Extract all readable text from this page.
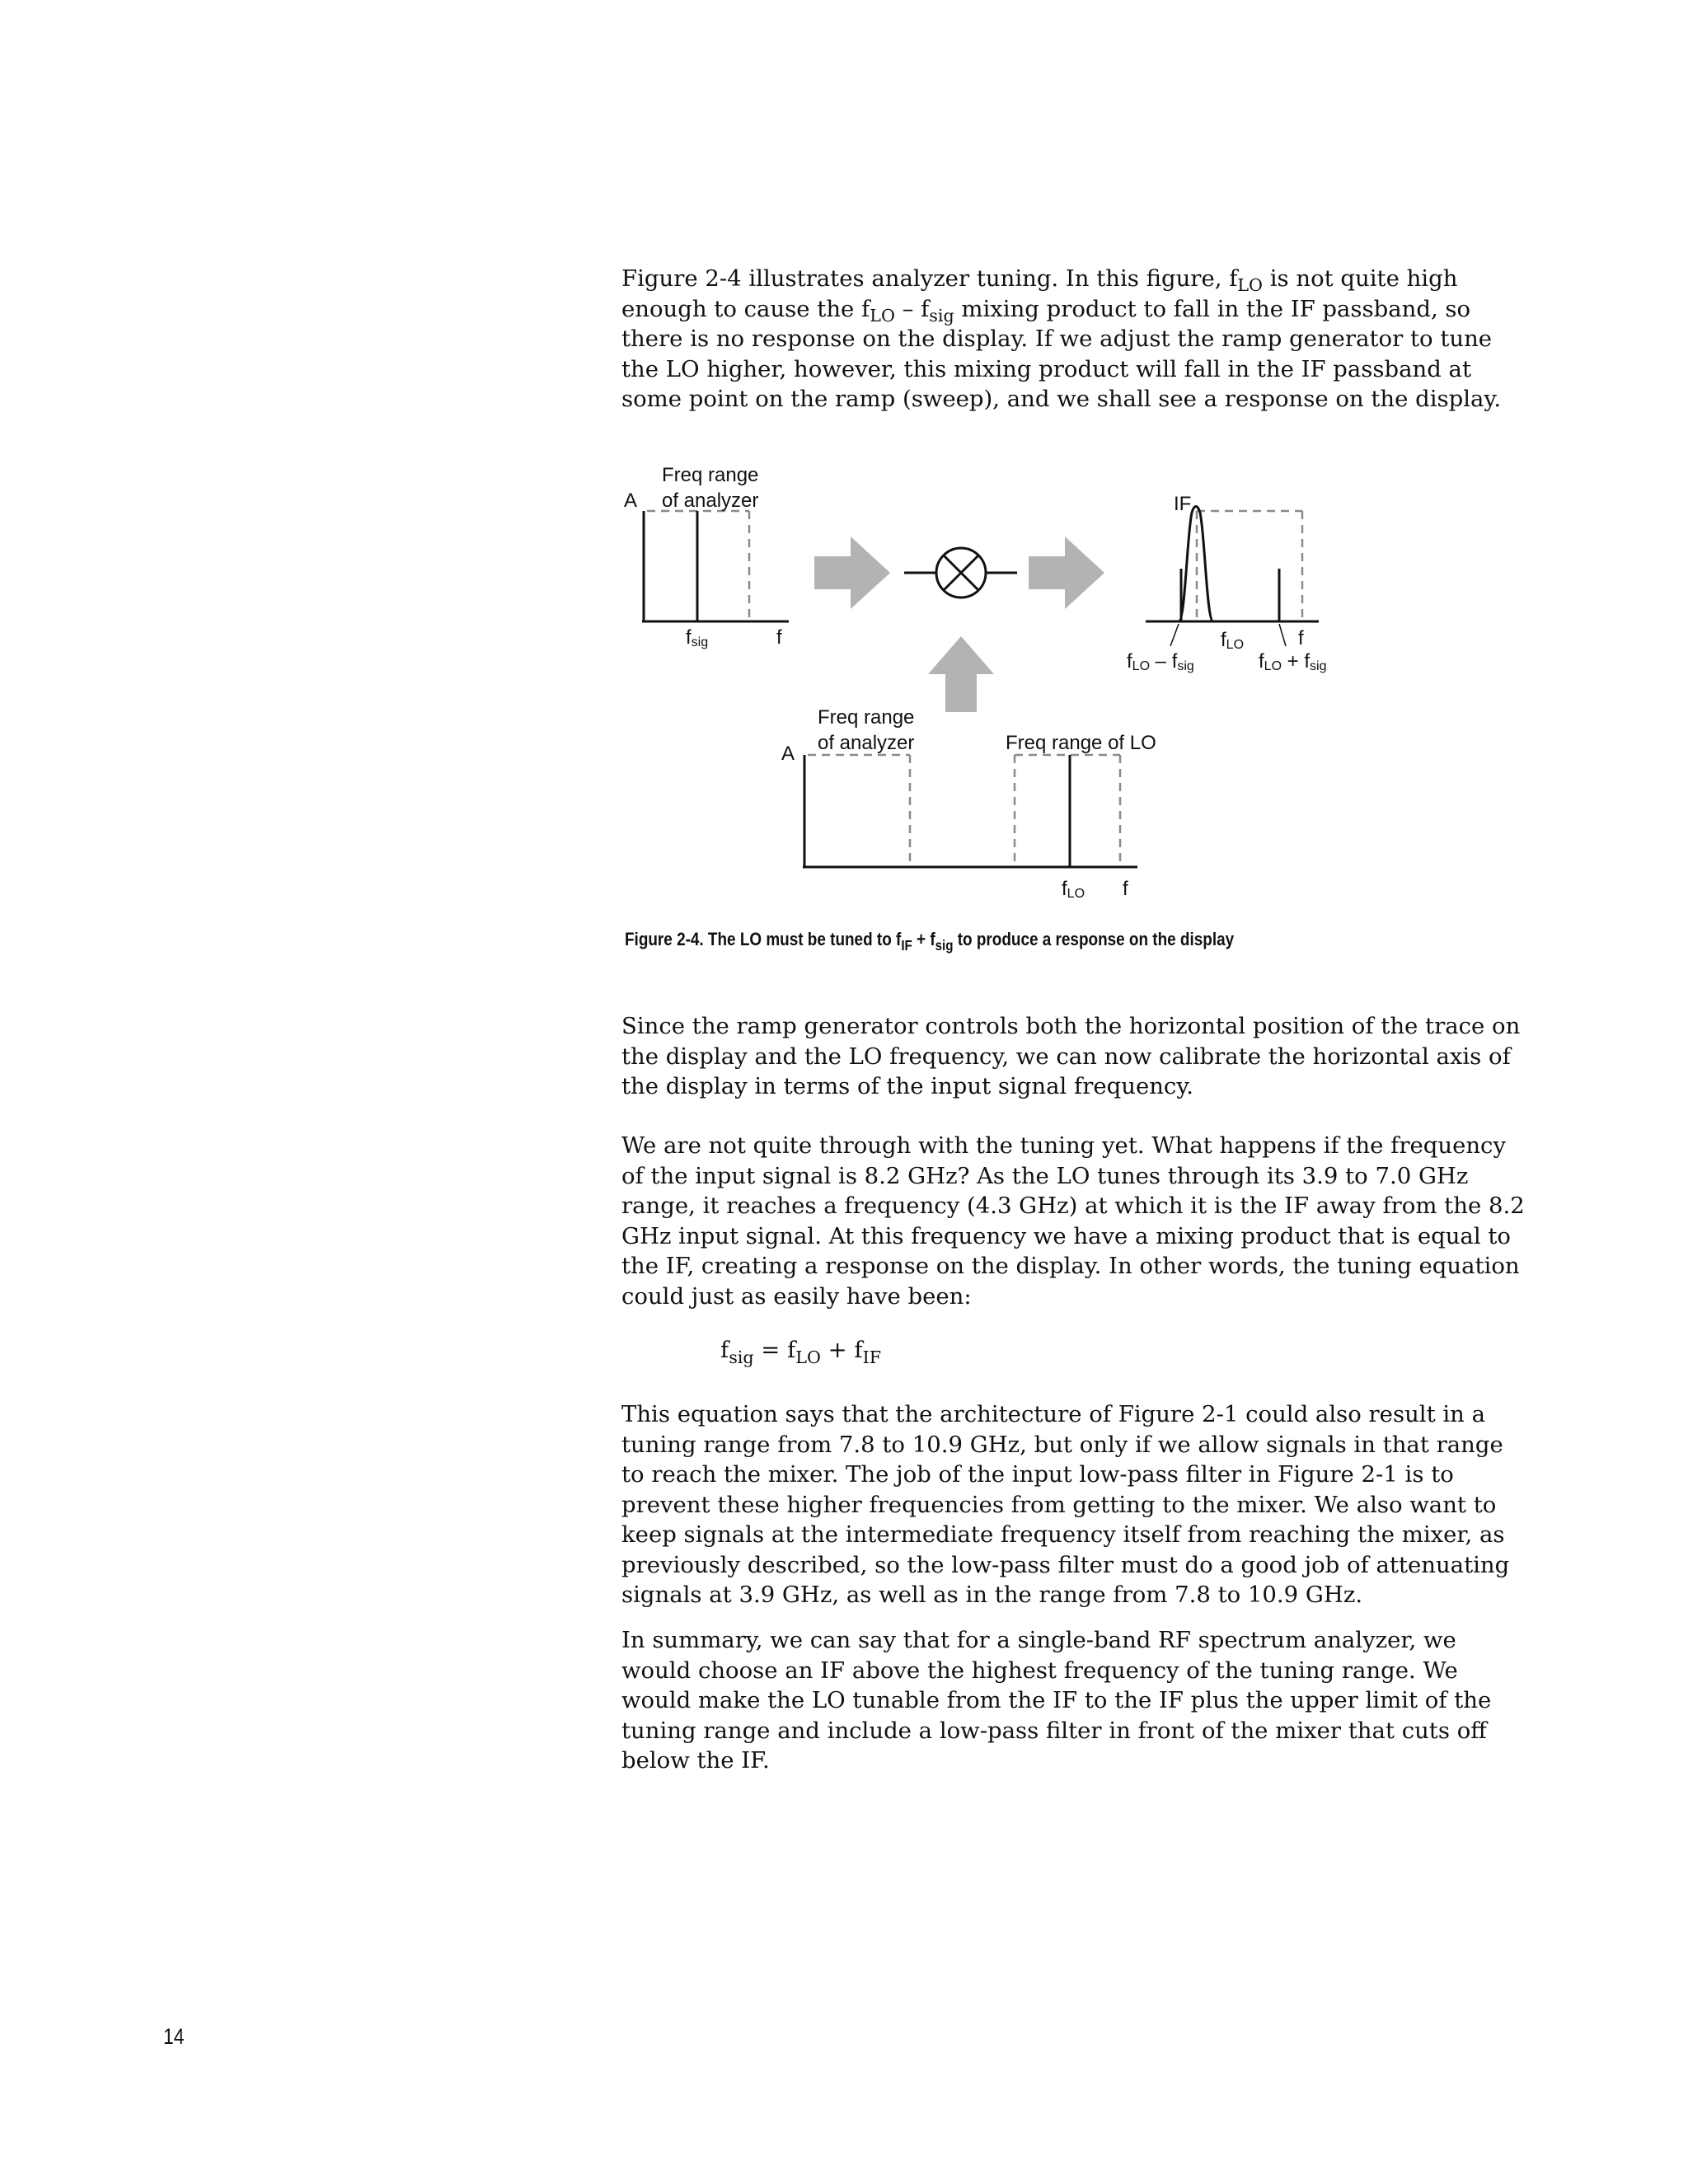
Figure 2-4 illustrates analyzer tuning. In this figure, $f_{LO}$ is not quite high enough to cause the $f_{LO} - f_{sig}$ mixing product to fall in the IF passband, so there is no response on the display. If we adjust the ramp generator to tune the LO higher, however, this mixing product will fall in the IF passband at some point on the ramp (sweep), and we shall see a response on the display.

A
Freq range
of analyzer
fsig	f
IF
fLO – fsig
fLO
fLO + fsig
f
A
Freq range
of analyzer	Freq range of LO
fLO f

Figure 2-4. The LO must be tuned to $f_{IF} + f_{sig}$ to produce a response on the display

Since the ramp generator controls both the horizontal position of the trace on the display and the LO frequency, we can now calibrate the horizontal axis of the display in terms of the input signal frequency.

We are not quite through with the tuning yet. What happens if the frequency of the input signal is 8.2 GHz? As the LO tunes through its 3.9 to 7.0 GHz range, it reaches a frequency (4.3 GHz) at which it is the IF away from the 8.2 GHz input signal. At this frequency we have a mixing product that is equal to the IF, creating a response on the display. In other words, the tuning equation could just as easily have been:

$f_{sig} = f_{LO} + f_{IF}$

This equation says that the architecture of Figure 2-1 could also result in a tuning range from 7.8 to 10.9 GHz, but only if we allow signals in that range to reach the mixer. The job of the input low-pass filter in Figure 2-1 is to prevent these higher frequencies from getting to the mixer. We also want to keep signals at the intermediate frequency itself from reaching the mixer, as previously described, so the low-pass filter must do a good job of attenuating signals at 3.9 GHz, as well as in the range from 7.8 to 10.9 GHz.

In summary, we can say that for a single-band RF spectrum analyzer, we would choose an IF above the highest frequency of the tuning range. We would make the LO tunable from the IF to the IF plus the upper limit of the tuning range and include a low-pass filter in front of the mixer that cuts off below the IF.

14
